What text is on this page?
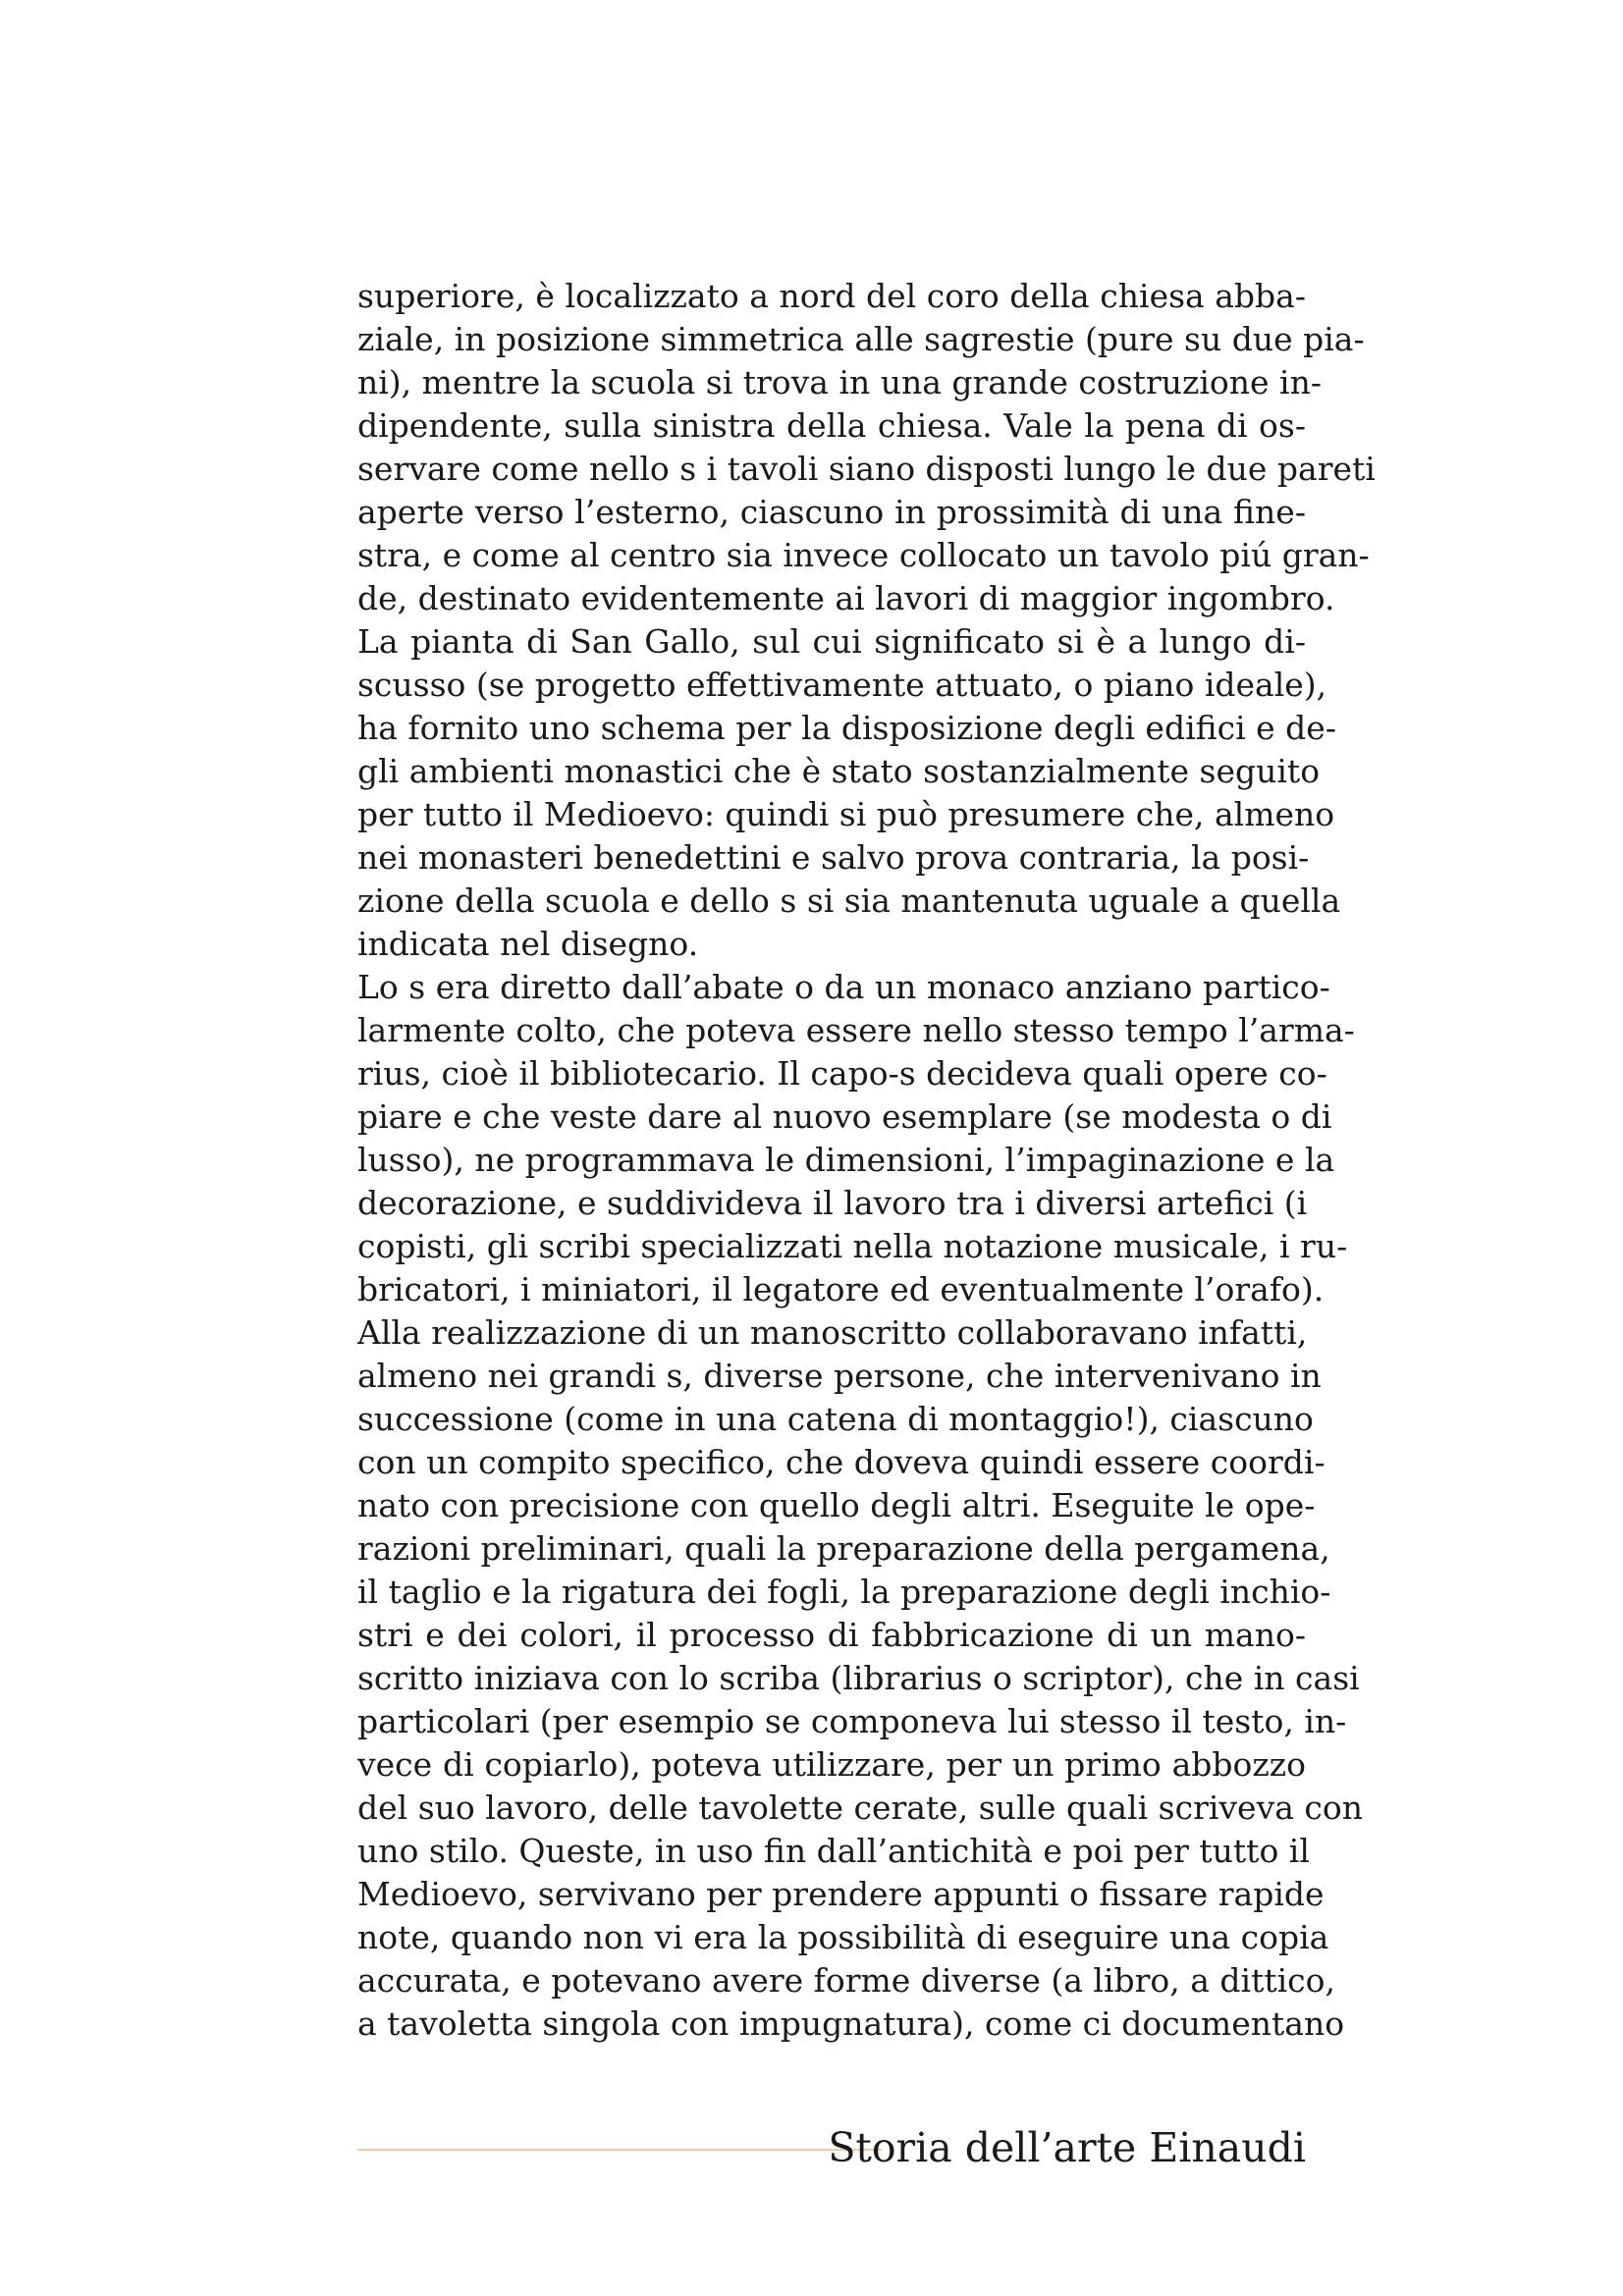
superiore, è localizzato a nord del coro della chiesa abba-
ziale, in posizione simmetrica alle sagrestie (pure su due pia-
ni), mentre la scuola si trova in una grande costruzione in-
dipendente, sulla sinistra della chiesa. Vale la pena di os-
servare come nello s i tavoli siano disposti lungo le due pareti
aperte verso l’esterno, ciascuno in prossimità di una fine-
stra, e come al centro sia invece collocato un tavolo piú gran-
de, destinato evidentemente ai lavori di maggior ingombro.
La pianta di San Gallo, sul cui significato si è a lungo di-
scusso (se progetto effettivamente attuato, o piano ideale),
ha fornito uno schema per la disposizione degli edifici e de-
gli ambienti monastici che è stato sostanzialmente seguito
per tutto il Medioevo: quindi si può presumere che, almeno
nei monasteri benedettini e salvo prova contraria, la posi-
zione della scuola e dello s si sia mantenuta uguale a quella
indicata nel disegno.
Lo s era diretto dall’abate o da un monaco anziano partico-
larmente colto, che poteva essere nello stesso tempo l’arma-
rius, cioè il bibliotecario. Il capo-s decideva quali opere co-
piare e che veste dare al nuovo esemplare (se modesta o di
lusso), ne programmava le dimensioni, l’impaginazione e la
decorazione, e suddivideva il lavoro tra i diversi artefici (i
copisti, gli scribi specializzati nella notazione musicale, i ru-
bricatori, i miniatori, il legatore ed eventualmente l’orafo).
Alla realizzazione di un manoscritto collaboravano infatti,
almeno nei grandi s, diverse persone, che intervenivano in
successione (come in una catena di montaggio!), ciascuno
con un compito specifico, che doveva quindi essere coordi-
nato con precisione con quello degli altri. Eseguite le ope-
razioni preliminari, quali la preparazione della pergamena,
il taglio e la rigatura dei fogli, la preparazione degli inchio-
stri e dei colori, il processo di fabbricazione di un mano-
scritto iniziava con lo scriba (librarius o scriptor), che in casi
particolari (per esempio se componeva lui stesso il testo, in-
vece di copiarlo), poteva utilizzare, per un primo abbozzo
del suo lavoro, delle tavolette cerate, sulle quali scriveva con
uno stilo. Queste, in uso fin dall’antichità e poi per tutto il
Medioevo, servivano per prendere appunti o fissare rapide
note, quando non vi era la possibilità di eseguire una copia
accurata, e potevano avere forme diverse (a libro, a dittico,
a tavoletta singola con impugnatura), come ci documentano
Storia dell’arte Einaudi
